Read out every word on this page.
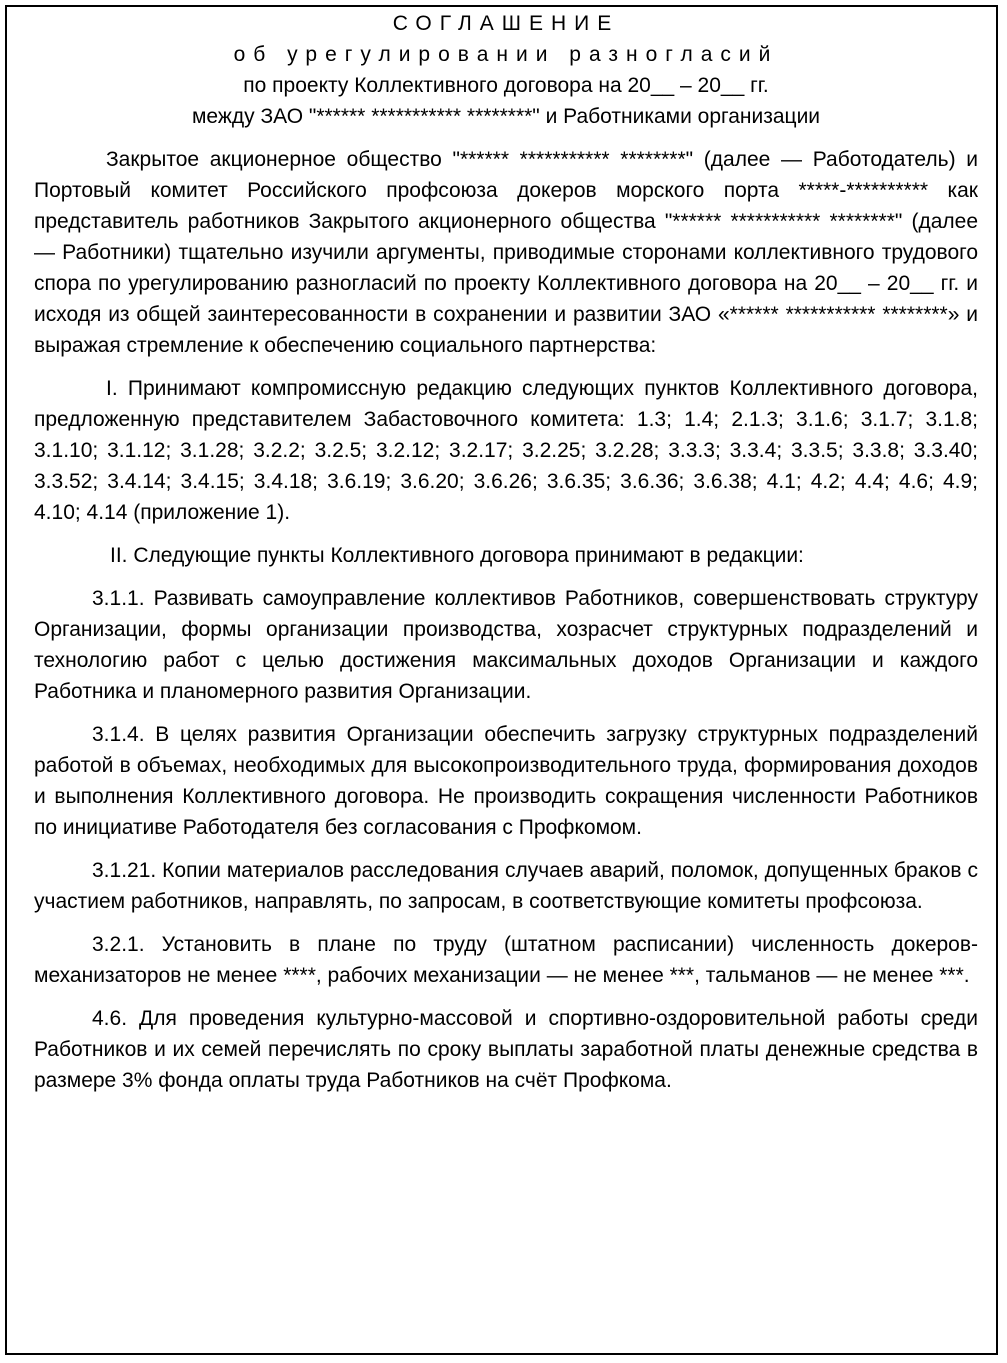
СОГЛАШЕНИЕ
об урегулировании разногласий
по проекту Коллективного договора на 20__ – 20__ гг.
между ЗАО "****** *********** ********" и Работниками организации

Закрытое акционерное общество "****** *********** ********" (далее — Работодатель) и Портовый комитет Российского профсоюза докеров морского порта *****-********** как представитель работников Закрытого акционерного общества "****** *********** ********" (далее — Работники) тщательно изучили аргументы, приводимые сторонами коллективного трудового спора по урегулированию разногласий по проекту Коллективного договора на 20__ – 20__ гг. и исходя из общей заинтересованности в сохранении и развитии ЗАО «****** *********** ********» и выражая стремление к обеспечению социального партнерства:

I. Принимают компромиссную редакцию следующих пунктов Коллективного договора, предложенную представителем Забастовочного комитета: 1.3; 1.4; 2.1.3; 3.1.6; 3.1.7; 3.1.8; 3.1.10; 3.1.12; 3.1.28; 3.2.2; 3.2.5; 3.2.12; 3.2.17; 3.2.25; 3.2.28; 3.3.3; 3.3.4; 3.3.5; 3.3.8; 3.3.40; 3.3.52; 3.4.14; 3.4.15; 3.4.18; 3.6.19; 3.6.20; 3.6.26; 3.6.35; 3.6.36; 3.6.38; 4.1; 4.2; 4.4; 4.6; 4.9; 4.10; 4.14 (приложение 1).

II. Следующие пункты Коллективного договора принимают в редакции:

3.1.1. Развивать самоуправление коллективов Работников, совершенствовать структуру Организации, формы организации производства, хозрасчет структурных подразделений и технологию работ с целью достижения максимальных доходов Организации и каждого Работника и планомерного развития Организации.

3.1.4. В целях развития Организации обеспечить загрузку структурных подразделений работой в объемах, необходимых для высокопроизводительного труда, формирования доходов и выполнения Коллективного договора. Не производить сокращения численности Работников по инициативе Работодателя без согласования с Профкомом.

3.1.21. Копии материалов расследования случаев аварий, поломок, допущенных браков с участием работников, направлять, по запросам, в соответствующие комитеты профсоюза.

3.2.1. Установить в плане по труду (штатном расписании) численность докеров-механизаторов не менее ****, рабочих механизации — не менее ***, тальманов — не менее ***.

4.6. Для проведения культурно-массовой и спортивно-оздоровительной работы среди Работников и их семей перечислять по сроку выплаты заработной платы денежные средства в размере 3% фонда оплаты труда Работников на счёт Профкома.
